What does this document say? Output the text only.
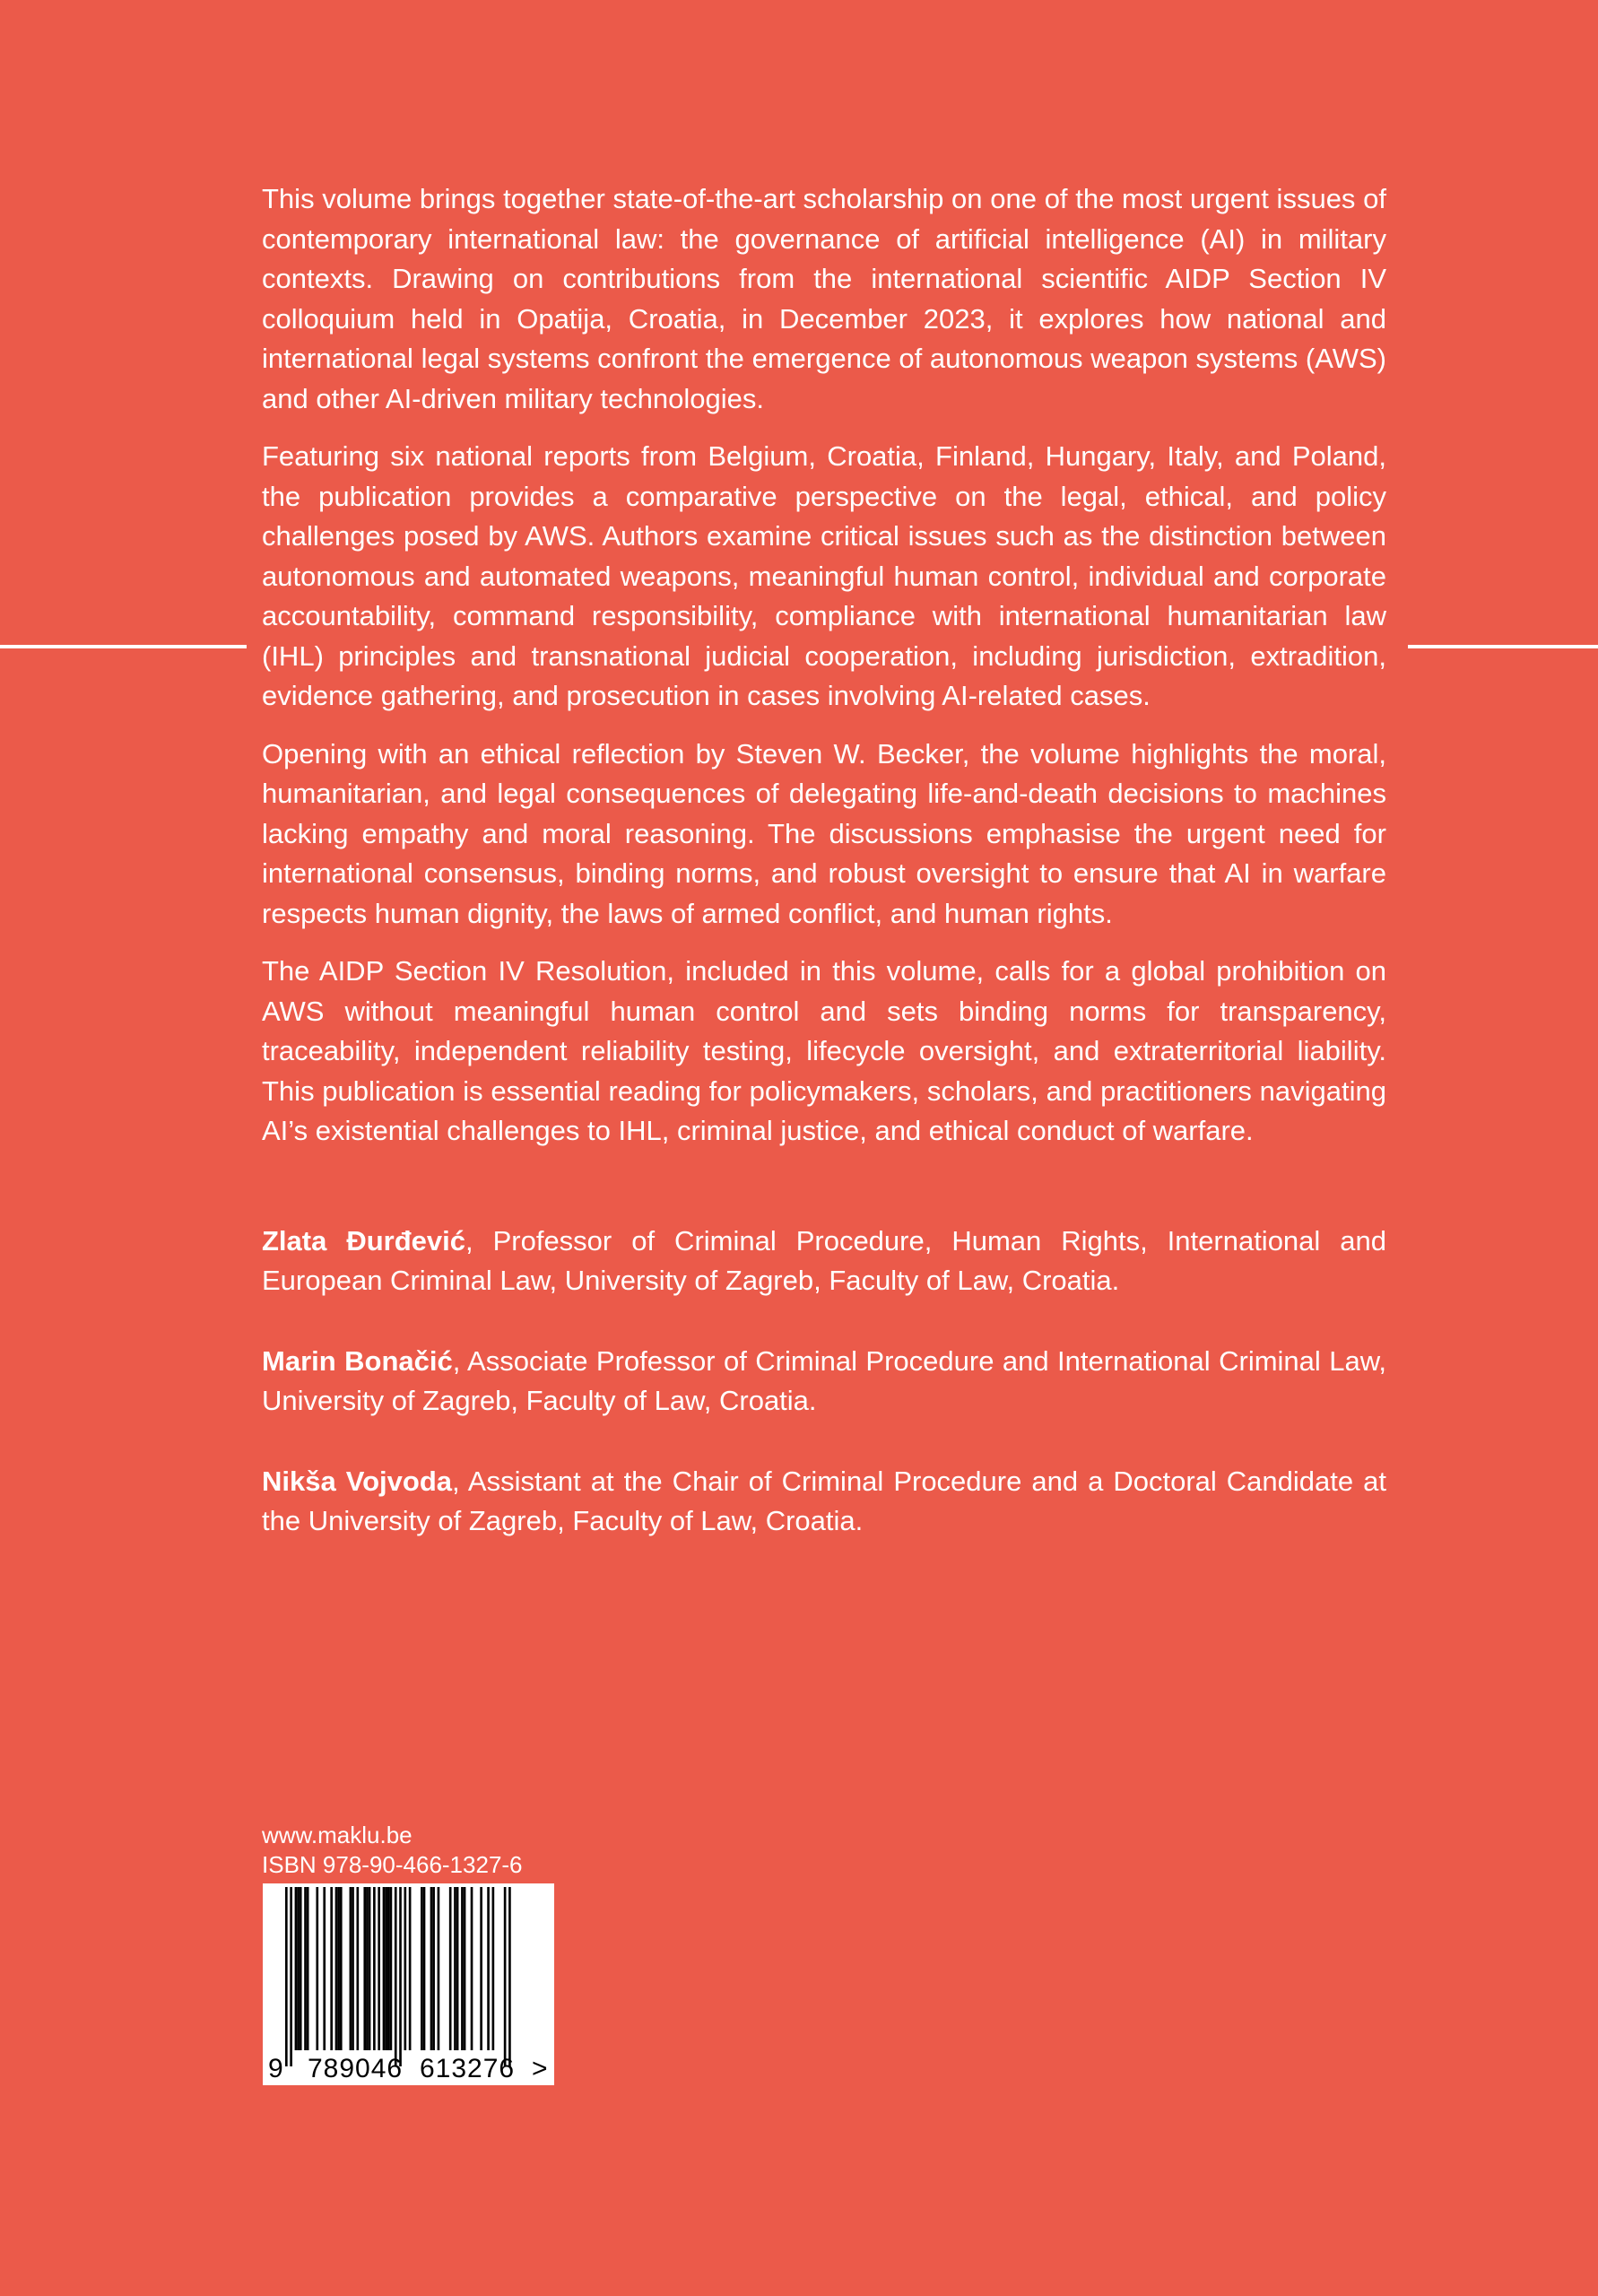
This volume brings together state-of-the-art scholarship on one of the most urgent issues of contemporary international law: the governance of artificial intelligence (AI) in military contexts. Drawing on contributions from the international scientific AIDP Section IV colloquium held in Opatija, Croatia, in December 2023, it explores how national and international legal systems confront the emergence of autonomous weapon systems (AWS) and other AI-driven military technologies.

Featuring six national reports from Belgium, Croatia, Finland, Hungary, Italy, and Poland, the publication provides a comparative perspective on the legal, ethical, and policy challenges posed by AWS. Authors examine critical issues such as the distinction between autonomous and automated weapons, meaningful human control, individual and corporate accountability, command responsibility, compliance with international humanitarian law (IHL) principles and transnational judicial cooperation, including jurisdiction, extradition, evidence gathering, and prosecution in cases involving AI-related cases.

Opening with an ethical reflection by Steven W. Becker, the volume highlights the moral, humanitarian, and legal consequences of delegating life-and-death decisions to machines lacking empathy and moral reasoning. The discussions emphasise the urgent need for international consensus, binding norms, and robust oversight to ensure that AI in warfare respects human dignity, the laws of armed conflict, and human rights.

The AIDP Section IV Resolution, included in this volume, calls for a global prohibition on AWS without meaningful human control and sets binding norms for transparency, traceability, independent reliability testing, lifecycle oversight, and extraterritorial liability. This publication is essential reading for policymakers, scholars, and practitioners navigating AI’s existential challenges to IHL, criminal justice, and ethical conduct of warfare.

Zlata Đurđević, Professor of Criminal Procedure, Human Rights, International and European Criminal Law, University of Zagreb, Faculty of Law, Croatia.

Marin Bonačić, Associate Professor of Criminal Procedure and International Criminal Law, University of Zagreb, Faculty of Law, Croatia.

Nikša Vojvoda, Assistant at the Chair of Criminal Procedure and a Doctoral Candidate at the University of Zagreb, Faculty of Law, Croatia.

www.maklu.be
ISBN 978-90-466-1327-6
9 789046 613276 >
